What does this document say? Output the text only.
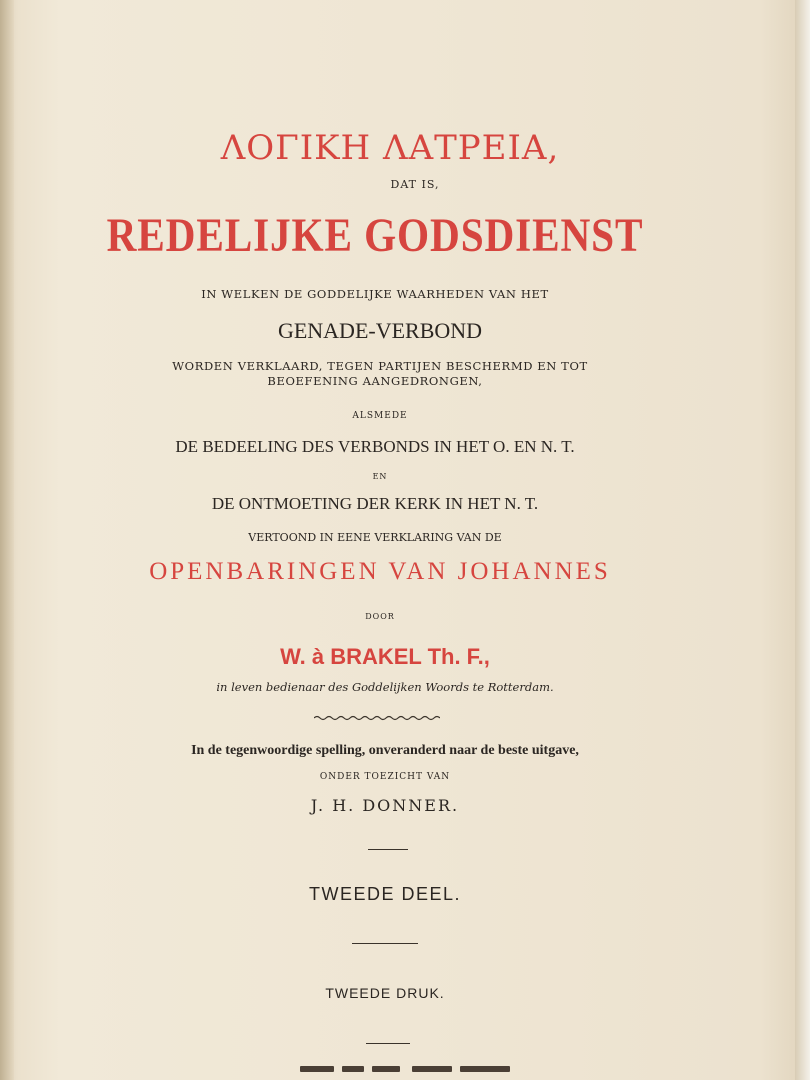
ΛΟΓΙΚΗ ΛΑΤΡΕΙΑ,

DAT IS,

REDELIJKE GODSDIENST

IN WELKEN DE GODDELIJKE WAARHEDEN VAN HET

GENADE-VERBOND

WORDEN VERKLAARD, TEGEN PARTIJEN BESCHERMD EN TOT

BEOEFENING AANGEDRONGEN,

ALSMEDE

DE BEDEELING DES VERBONDS IN HET O. EN N. T.

EN

DE ONTMOETING DER KERK IN HET N. T.

VERTOOND IN EENE VERKLARING VAN DE

OPENBARINGEN VAN JOHANNES

DOOR

W. à BRAKEL Th. F.,

in leven bedienaar des Goddelijken Woords te Rotterdam.

In de tegenwoordige spelling, onveranderd naar de beste uitgave,

ONDER TOEZICHT VAN

J. H. DONNER.

TWEEDE DEEL.

TWEEDE DRUK.
